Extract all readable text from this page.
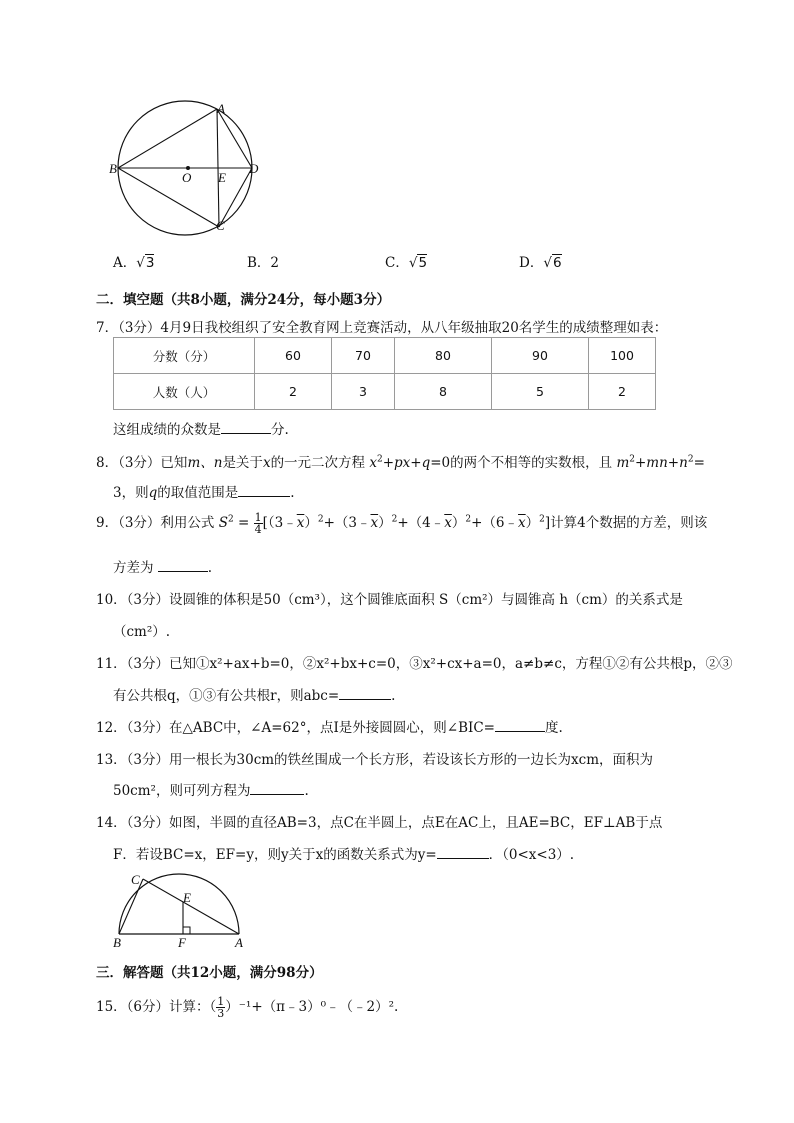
A
B
O E
D
C
A．√3	B．2	C．√5	D．√6
二．填空题（共8小题，满分24分，每小题3分）
7．（3分）4月9日我校组织了安全教育网上竞赛活动，从八年级抽取20名学生的成绩整理如表：
分数（分）	60	70	80	90	100
人数（人）	2	3	8	5	2
这组成绩的众数是	分.
8．（3分）已知m、n是关于x的一元二次方程 $x^2+px+q=0$的两个不相等的实数根，且 $m^2+mn+n^2=$
3，则q的取值范围是	.
9．（3分）利用公式 $S^2 = \frac{1}{4}$ $[(3﹣\overline{x})^2+(3﹣\overline{x})^2+(4﹣\overline{x})^2+(6﹣\overline{x})^2]$计算4个数据的方差，则该
方差为	.
10．（3分）设圆锥的体积是50（cm³），这个圆锥底面积 S（cm²）与圆锥高 h（cm）的关系式是
（cm²）.
11．（3分）已知①x²+ax+b=0，②x²+bx+c=0，③x²+cx+a=0，a≠b≠c，方程①②有公共根p，②③
有公共根q，①③有公共根r，则abc=	.
12．（3分）在△ABC中，∠A=62°，点I是外接圆圆心，则∠BIC=	度.
13．（3分）用一根长为30cm的铁丝围成一个长方形，若设该长方形的一边长为xcm，面积为
50cm²，则可列方程为	.
14．（3分）如图，半圆的直径AB=3，点C在半圆上，点E在AC上，且AE=BC，EF⊥AB于点
F．若设BC=x，EF=y，则y关于x的函数关系式为y=	．（0<x<3）.
C
E
B	F	A
三．解答题（共12小题，满分98分）
15．（6分）计算：（ $\frac{1}{3}$ ）⁻¹+（π﹣3）⁰﹣（﹣2）².
